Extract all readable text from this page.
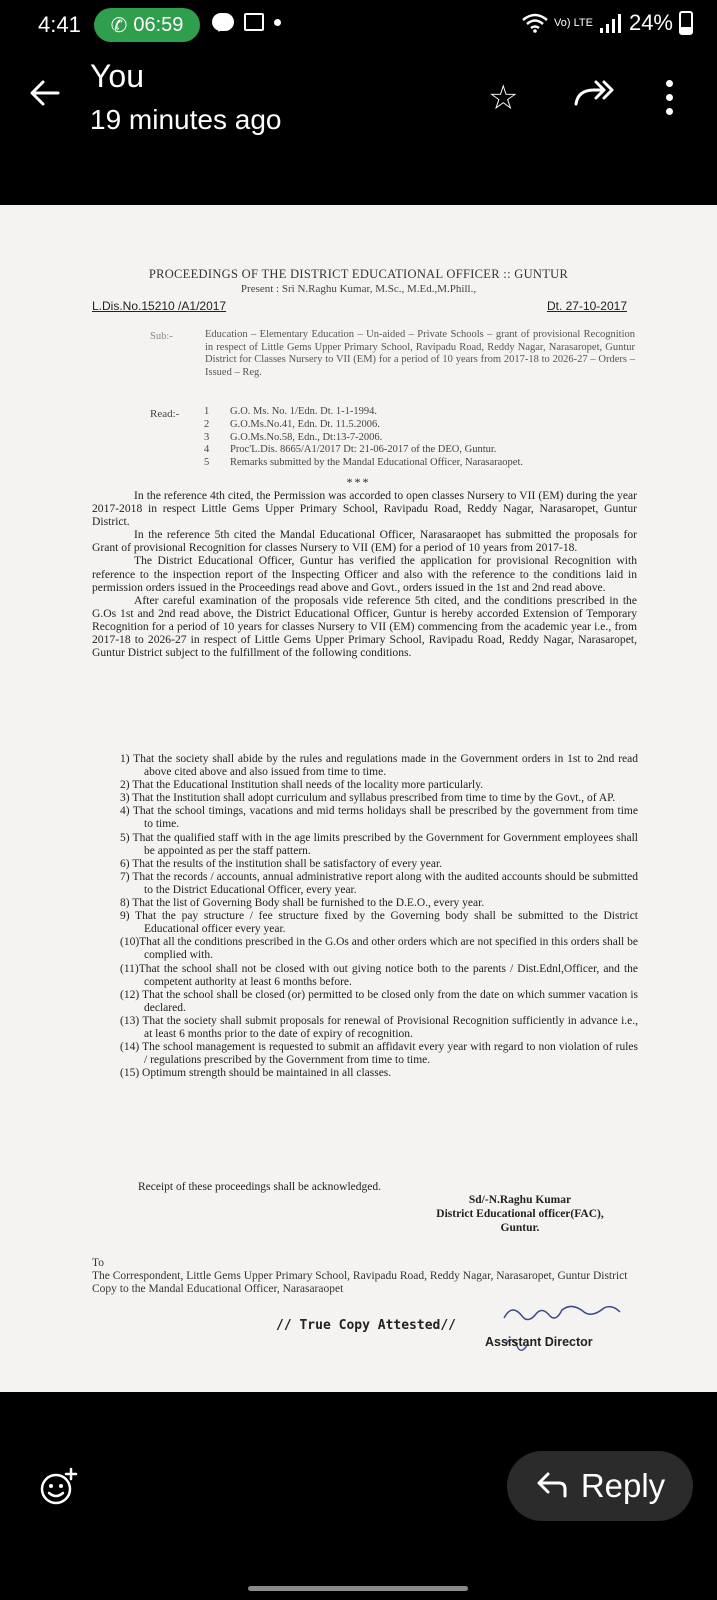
4:41 ✆ 06:59	Vo) LTE 24%
You
19 minutes ago
☆
PROCEEDINGS OF THE DISTRICT EDUCATIONAL OFFICER :: GUNTUR
Present : Sri N.Raghu Kumar, M.Sc., M.Ed.,M.Phill.,
L.Dis.No.15210 /A1/2017	Dt. 27-10-2017
Sub:-	Education – Elementary Education – Un-aided – Private Schools – grant of provisional Recognition in respect of Little Gems Upper Primary School, Ravipadu Road, Reddy Nagar, Narasaropet, Guntur District for Classes Nursery to VII (EM) for a period of 10 years from 2017-18 to 2026-27 – Orders – Issued – Reg.
Read:- 1 G.O. Ms. No. 1/Edn. Dt. 1-1-1994.
2 G.O.Ms.No.41, Edn. Dt. 11.5.2006.
3 G.O.Ms.No.58, Edn., Dt:13-7-2006.
4 Proc'L.Dis. 8665/A1/2017 Dt: 21-06-2017 of the DEO, Guntur.
5 Remarks submitted by the Mandal Educational Officer, Narasaraopet.
***

In the reference 4th cited, the Permission was accorded to open classes Nursery to VII (EM) during the year 2017-2018 in respect Little Gems Upper Primary School, Ravipadu Road, Reddy Nagar, Narasaropet, Guntur District.

In the reference 5th cited the Mandal Educational Officer, Narasaraopet has submitted the proposals for Grant of provisional Recognition for classes Nursery to VII (EM) for a period of 10 years from 2017-18.

The District Educational Officer, Guntur has verified the application for provisional Recognition with reference to the inspection report of the Inspecting Officer and also with the reference to the conditions laid in permission orders issued in the Proceedings read above and Govt., orders issued in the 1st and 2nd read above.

After careful examination of the proposals vide reference 5th cited, and the conditions prescribed in the G.Os 1st and 2nd read above, the District Educational Officer, Guntur is hereby accorded Extension of Temporary Recognition for a period of 10 years for classes Nursery to VII (EM) commencing from the academic year i.e., from 2017-18 to 2026-27 in respect of Little Gems Upper Primary School, Ravipadu Road, Reddy Nagar, Narasaropet, Guntur District subject to the fulfillment of the following conditions.

1) That the society shall abide by the rules and regulations made in the Government orders in 1st to 2nd read above cited above and also issued from time to time.
2) That the Educational Institution shall needs of the locality more particularly.
3) That the Institution shall adopt curriculum and syllabus prescribed from time to time by the Govt., of AP.
4) That the school timings, vacations and mid terms holidays shall be prescribed by the government from time to time.
5) That the qualified staff with in the age limits prescribed by the Government for Government employees shall be appointed as per the staff pattern.
6) That the results of the institution shall be satisfactory of every year.
7) That the records / accounts, annual administrative report along with the audited accounts should be submitted to the District Educational Officer, every year.
8) That the list of Governing Body shall be furnished to the D.E.O., every year.
9) That the pay structure / fee structure fixed by the Governing body shall be submitted to the District Educational officer every year.
(10)That all the conditions prescribed in the G.Os and other orders which are not specified in this orders shall be complied with.
(11)That the school shall not be closed with out giving notice both to the parents / Dist.Ednl,Officer, and the competent authority at least 6 months before.
(12) That the school shall be closed (or) permitted to be closed only from the date on which summer vacation is declared.
(13) That the society shall submit proposals for renewal of Provisional Recognition sufficiently in advance i.e., at least 6 months prior to the date of expiry of recognition.
(14) The school management is requested to submit an affidavit every year with regard to non violation of rules / regulations prescribed by the Government from time to time.
(15) Optimum strength should be maintained in all classes.
Receipt of these proceedings shall be acknowledged.
Sd/-N.Raghu Kumar
District Educational officer(FAC),
Guntur.
To
The Correspondent, Little Gems Upper Primary School, Ravipadu Road, Reddy Nagar, Narasaropet, Guntur District
Copy to the Mandal Educational Officer, Narasaraopet
// True Copy Attested//
Assistant Director
Reply
